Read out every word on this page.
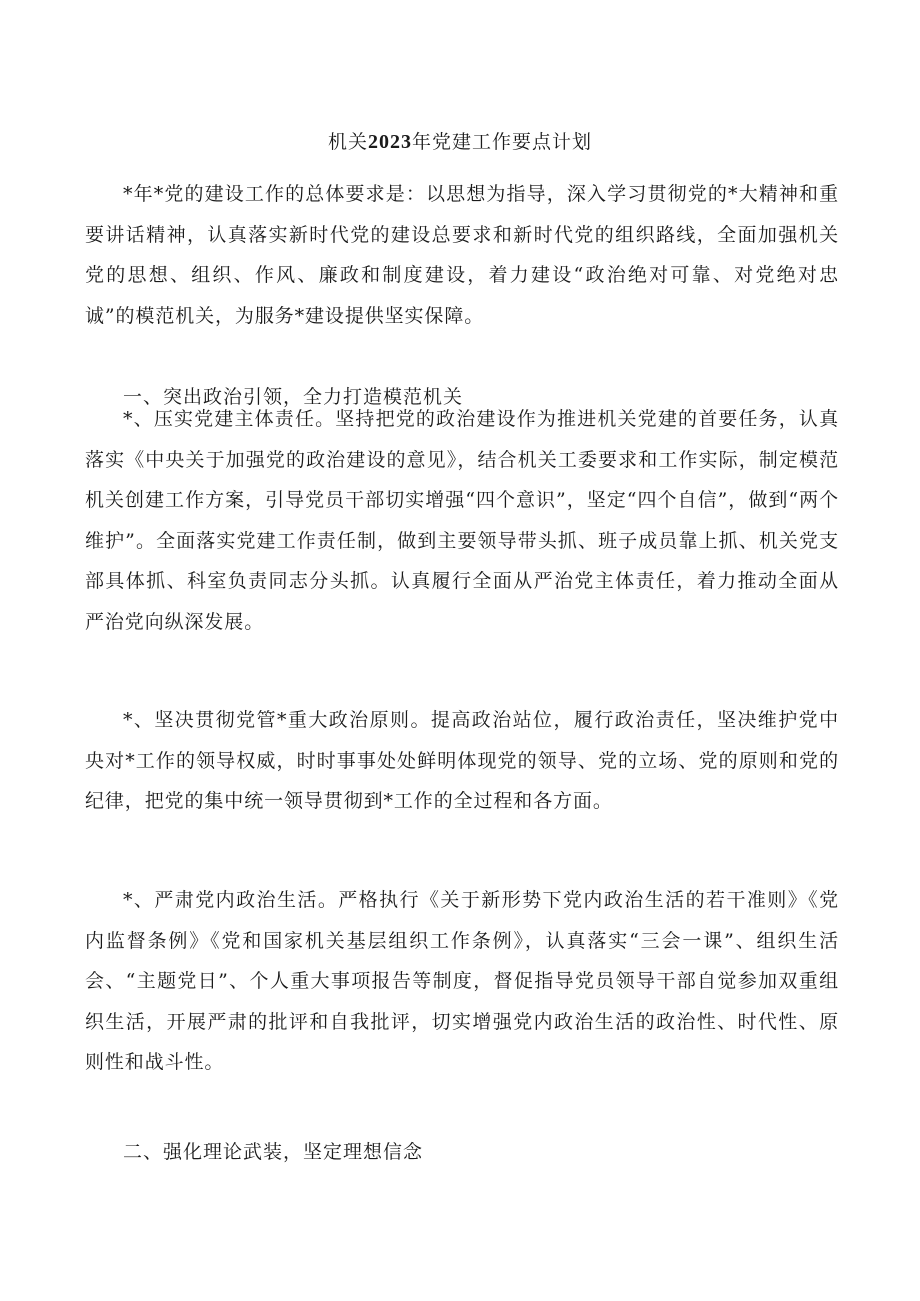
机关2023年党建工作要点计划

*年*党的建设工作的总体要求是：以思想为指导，深入学习贯彻党的*大精神和重要讲话精神，认真落实新时代党的建设总要求和新时代党的组织路线，全面加强机关党的思想、组织、作风、廉政和制度建设，着力建设“政治绝对可靠、对党绝对忠诚”的模范机关，为服务*建设提供坚实保障。

一、突出政治引领，全力打造模范机关

*、压实党建主体责任。坚持把党的政治建设作为推进机关党建的首要任务，认真落实《中央关于加强党的政治建设的意见》，结合机关工委要求和工作实际，制定模范机关创建工作方案，引导党员干部切实增强“四个意识”，坚定“四个自信”，做到“两个维护”。全面落实党建工作责任制，做到主要领导带头抓、班子成员靠上抓、机关党支部具体抓、科室负责同志分头抓。认真履行全面从严治党主体责任，着力推动全面从严治党向纵深发展。

*、坚决贯彻党管*重大政治原则。提高政治站位，履行政治责任，坚决维护党中央对*工作的领导权威，时时事事处处鲜明体现党的领导、党的立场、党的原则和党的纪律，把党的集中统一领导贯彻到*工作的全过程和各方面。

*、严肃党内政治生活。严格执行《关于新形势下党内政治生活的若干准则》《党内监督条例》《党和国家机关基层组织工作条例》，认真落实“三会一课”、组织生活会、“主题党日”、个人重大事项报告等制度，督促指导党员领导干部自觉参加双重组织生活，开展严肃的批评和自我批评，切实增强党内政治生活的政治性、时代性、原则性和战斗性。

二、强化理论武装，坚定理想信念
